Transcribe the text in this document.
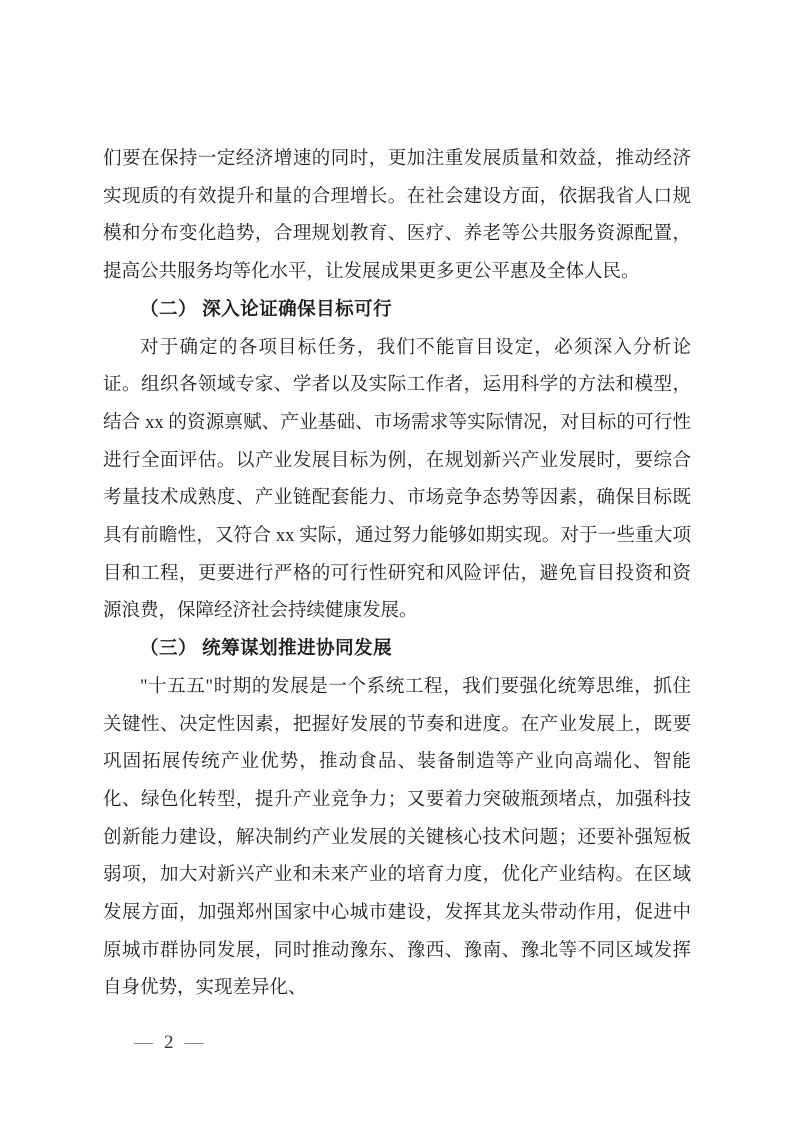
们要在保持一定经济增速的同时，更加注重发展质量和效益，推动经济实现质的有效提升和量的合理增长。在社会建设方面，依据我省人口规模和分布变化趋势，合理规划教育、医疗、养老等公共服务资源配置，提高公共服务均等化水平，让发展成果更多更公平惠及全体人民。

（二） 深入论证确保目标可行

对于确定的各项目标任务，我们不能盲目设定，必须深入分析论证。组织各领域专家、学者以及实际工作者，运用科学的方法和模型，结合 xx 的资源禀赋、产业基础、市场需求等实际情况，对目标的可行性进行全面评估。以产业发展目标为例，在规划新兴产业发展时，要综合考量技术成熟度、产业链配套能力、市场竞争态势等因素，确保目标既具有前瞻性，又符合 xx 实际，通过努力能够如期实现。对于一些重大项目和工程，更要进行严格的可行性研究和风险评估，避免盲目投资和资源浪费，保障经济社会持续健康发展。

（三） 统筹谋划推进协同发展

"十五五"时期的发展是一个系统工程，我们要强化统筹思维，抓住关键性、决定性因素，把握好发展的节奏和进度。在产业发展上，既要巩固拓展传统产业优势，推动食品、装备制造等产业向高端化、智能化、绿色化转型，提升产业竞争力；又要着力突破瓶颈堵点，加强科技创新能力建设，解决制约产业发展的关键核心技术问题；还要补强短板弱项，加大对新兴产业和未来产业的培育力度，优化产业结构。在区域发展方面，加强郑州国家中心城市建设，发挥其龙头带动作用，促进中原城市群协同发展，同时推动豫东、豫西、豫南、豫北等不同区域发挥自身优势，实现差异化、

— 2 —
